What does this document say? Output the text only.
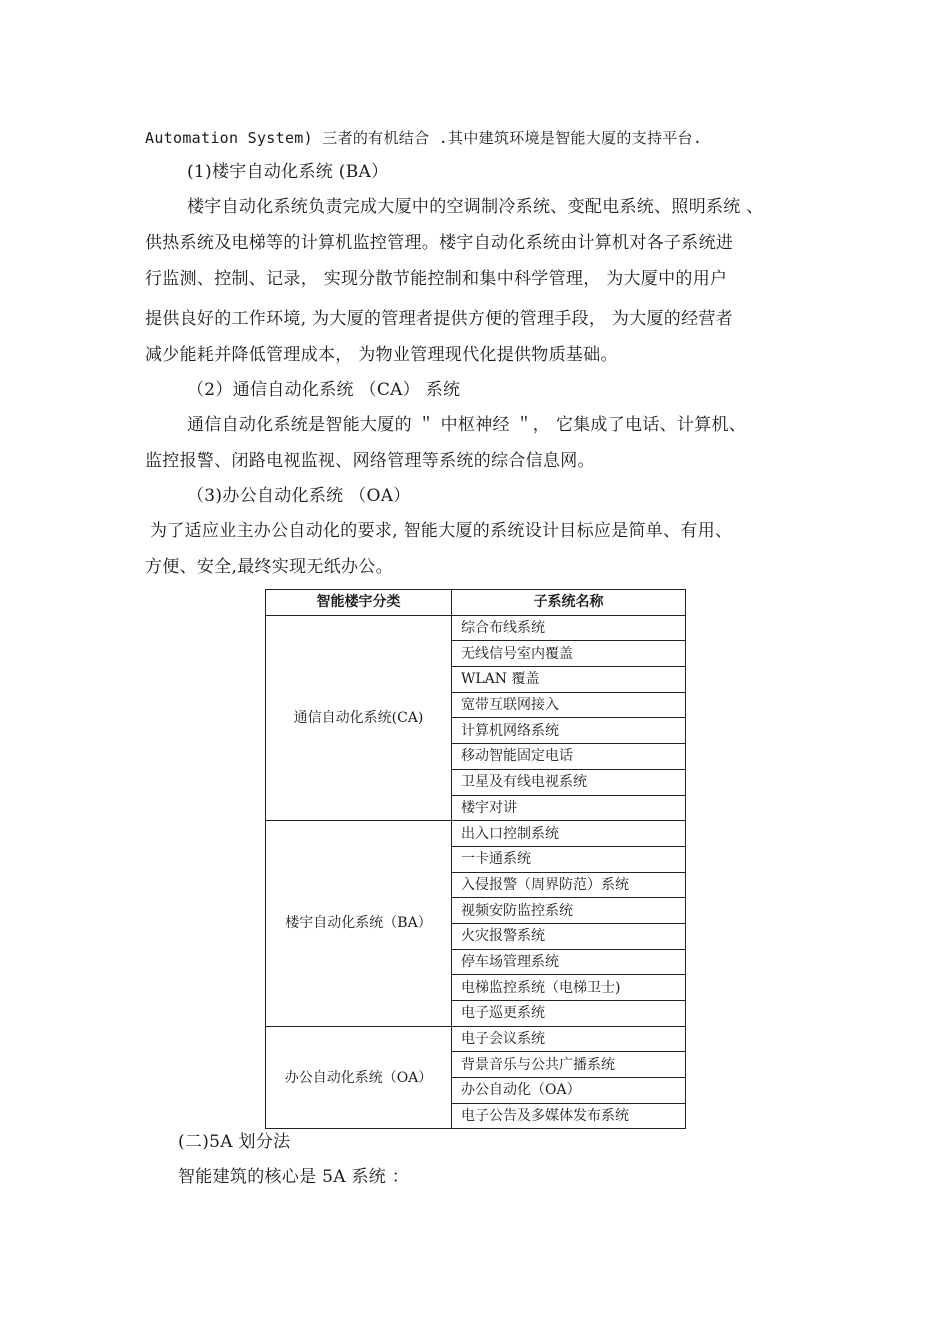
Automation System) 三者的有机结合 .其中建筑环境是智能大厦的支持平台.
(1)楼宇自动化系统 (BA）
楼宇自动化系统负责完成大厦中的空调制冷系统、变配电系统、照明系统 、
供热系统及电梯等的计算机监控管理。楼宇自动化系统由计算机对各子系统进
行监测、控制、记录， 实现分散节能控制和集中科学管理， 为大厦中的用户
提供良好的工作环境, 为大厦的管理者提供方便的管理手段， 为大厦的经营者
减少能耗并降低管理成本， 为物业管理现代化提供物质基础。
（2）通信自动化系统 （CA） 系统
通信自动化系统是智能大厦的 ＂ 中枢神经 ＂， 它集成了电话、计算机、
监控报警、闭路电视监视、网络管理等系统的综合信息网。
（3)办公自动化系统 （OA）
为了适应业主办公自动化的要求, 智能大厦的系统设计目标应是简单、有用、
方便、安全,最终实现无纸办公。
智能楼宇分类	子系统名称
通信自动化系统(CA)	综合布线系统
	无线信号室内覆盖
	WLAN 覆盖
	宽带互联网接入
	计算机网络系统
	移动智能固定电话
	卫星及有线电视系统
	楼宇对讲
楼宇自动化系统（BA）	出入口控制系统
	一卡通系统
	入侵报警（周界防范）系统
	视频安防监控系统
	火灾报警系统
	停车场管理系统
	电梯监控系统（电梯卫士)
	电子巡更系统
办公自动化系统（OA）	电子会议系统
	背景音乐与公共广播系统
	办公自动化（OA）
	电子公告及多媒体发布系统
(二)5A 划分法
智能建筑的核心是 5A 系统 ：
